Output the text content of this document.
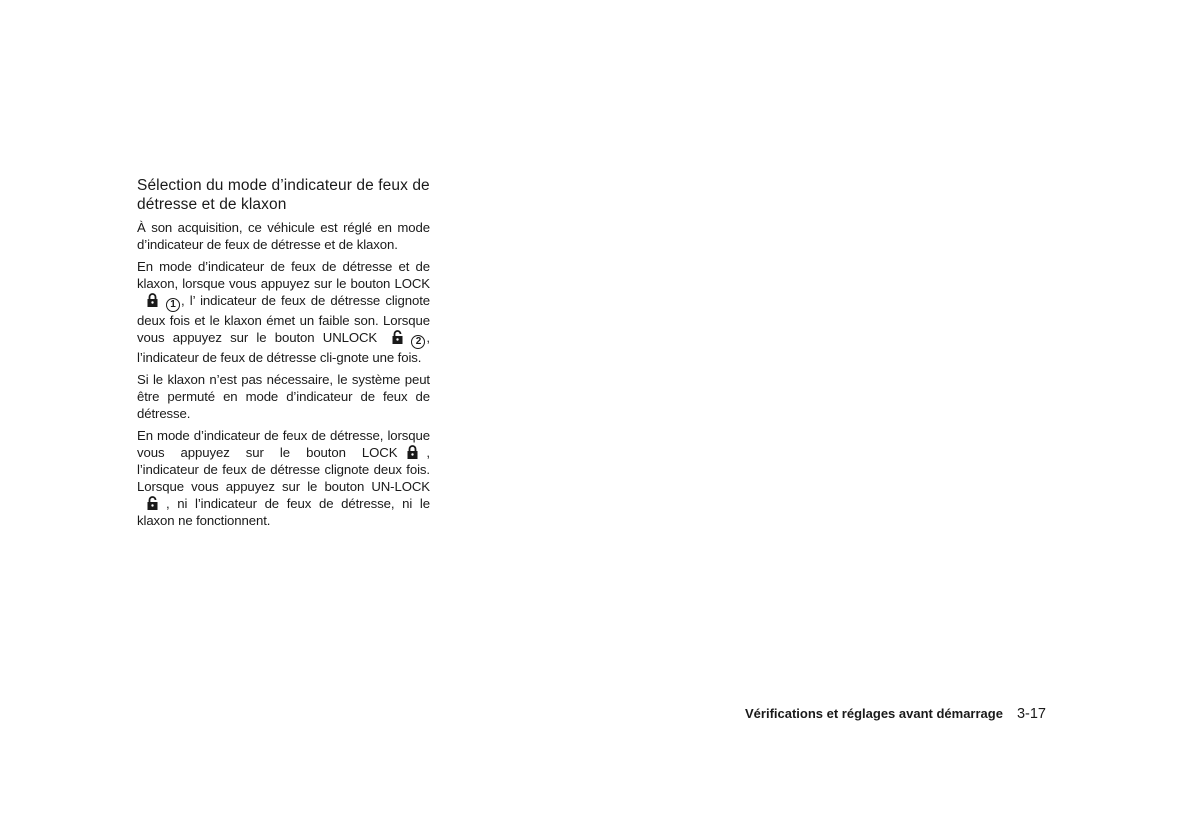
Sélection du mode d’indicateur de feux de détresse et de klaxon

À son acquisition, ce véhicule est réglé en mode d’indicateur de feux de détresse et de klaxon.

En mode d’indicateur de feux de détresse et de klaxon, lorsque vous appuyez sur le bouton LOCK1 , l’ indicateur de feux de détresse clignote deux fois et le klaxon émet un faible son. Lorsque vous appuyez sur le bouton UNLOCK	2 , l’indicateur de feux de détresse cli-gnote une fois.

Si le klaxon n’est pas nécessaire, le système peut être permuté en mode d’indicateur de feux de détresse.

En mode d’indicateur de feux de détresse, lorsque vous appuyez sur le bouton LOCK , l’indicateur de feux de détresse clignote deux fois. Lorsque vous appuyez sur le bouton UN-LOCK, ni l’indicateur de feux de détresse, ni le klaxon ne fonctionnent.

Vérifications et réglages avant démarrage 3-17
